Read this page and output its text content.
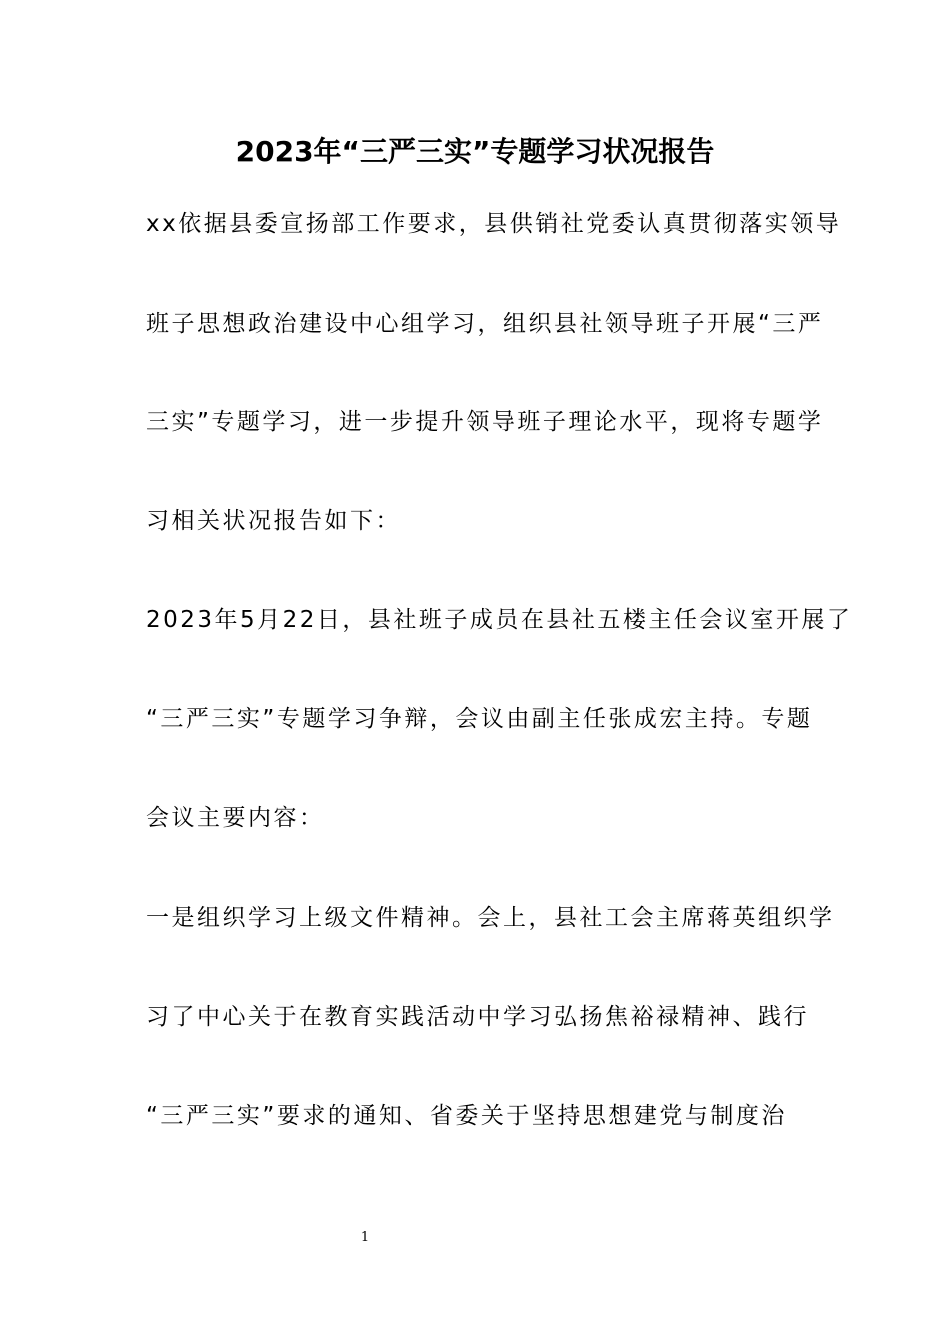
2023年“三严三实”专题学习状况报告
xx依据县委宣扬部工作要求，县供销社党委认真贯彻落实领导
班子思想政治建设中心组学习，组织县社领导班子开展“三严
三实”专题学习，进一步提升领导班子理论水平，现将专题学
习相关状况报告如下：
2023年5月22日，县社班子成员在县社五楼主任会议室开展了
“三严三实”专题学习争辩，会议由副主任张成宏主持。专题
会议主要内容：
一是组织学习上级文件精神。会上，县社工会主席蒋英组织学
习了中心关于在教育实践活动中学习弘扬焦裕禄精神、践行
“三严三实”要求的通知、省委关于坚持思想建党与制度治
1
